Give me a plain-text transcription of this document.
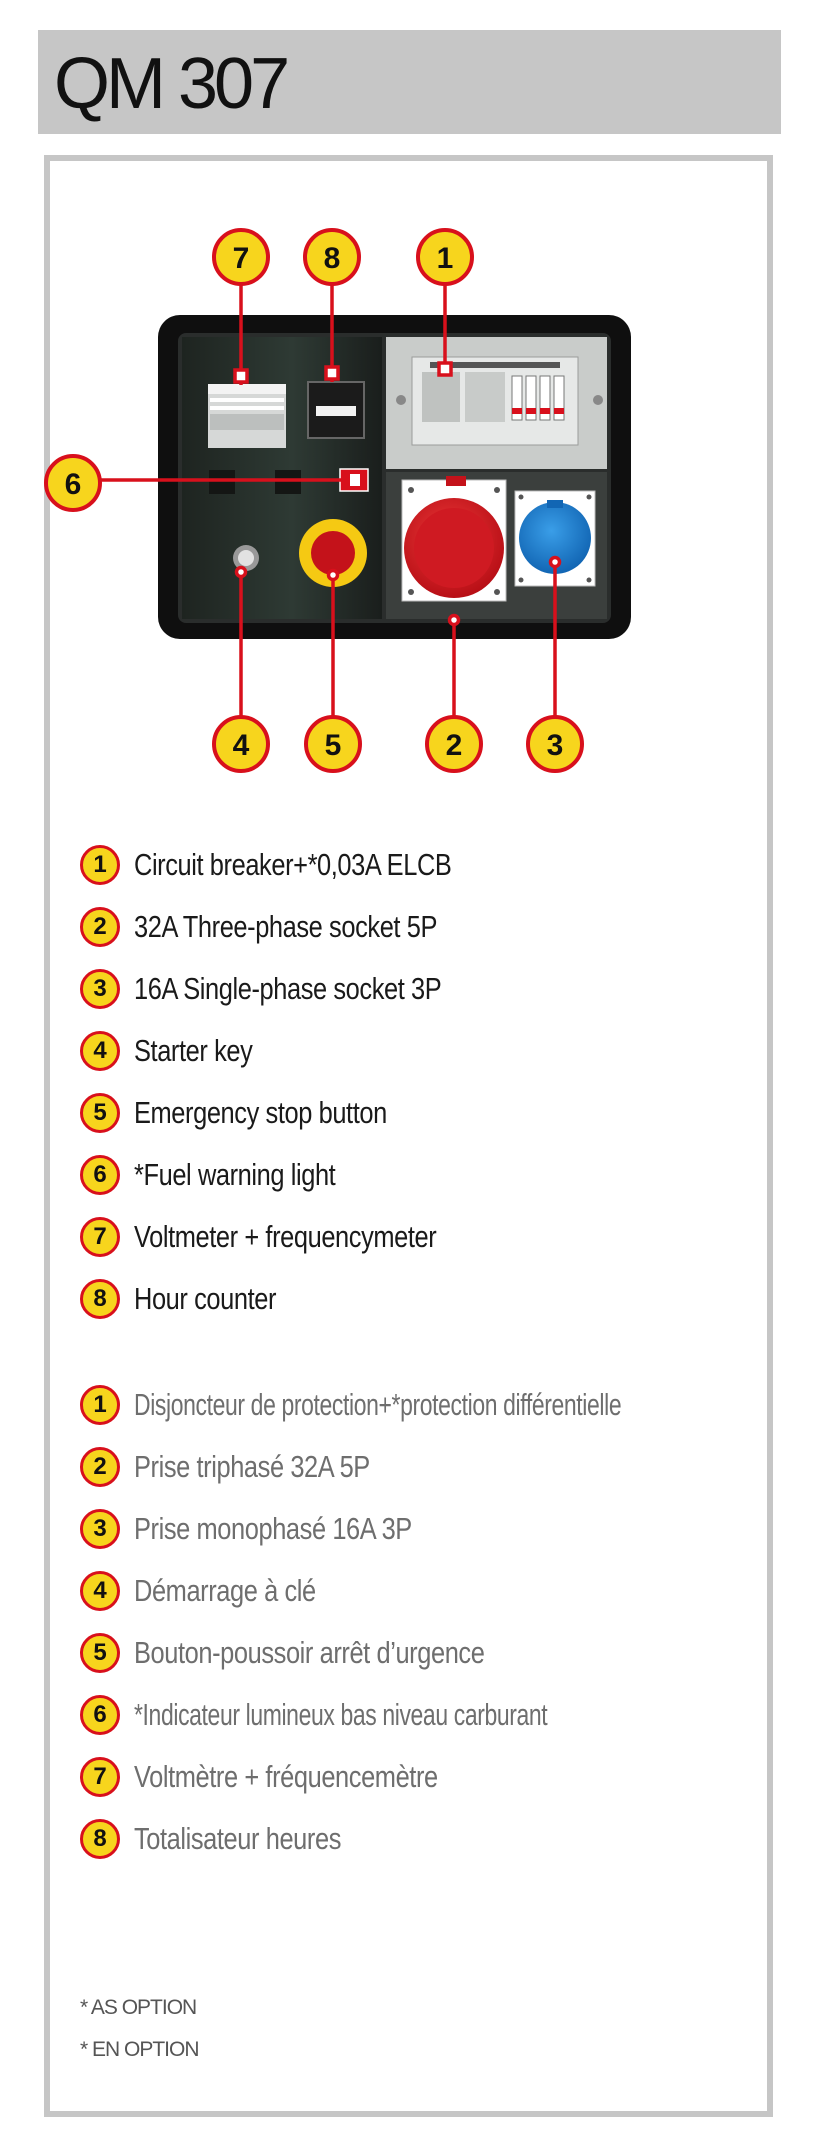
QM 307
7 8	1
6
4	5	2	3
1 Circuit breaker+*0,03A ELCB
2 32A Three-phase socket 5P
3 16A Single-phase socket 3P
4 Starter key
5 Emergency stop button
6 *Fuel warning light
7 Voltmeter + frequencymeter
8 Hour counter
1 Disjoncteur de protection+*protection différentielle
2 Prise triphasé 32A 5P
3 Prise monophasé 16A 3P
4 Démarrage à clé
5 Bouton-poussoir arrêt d’urgence
6 *Indicateur lumineux bas niveau carburant
7 Voltmètre + fréquencemètre
8 Totalisateur heures
* AS OPTION
* EN OPTION
